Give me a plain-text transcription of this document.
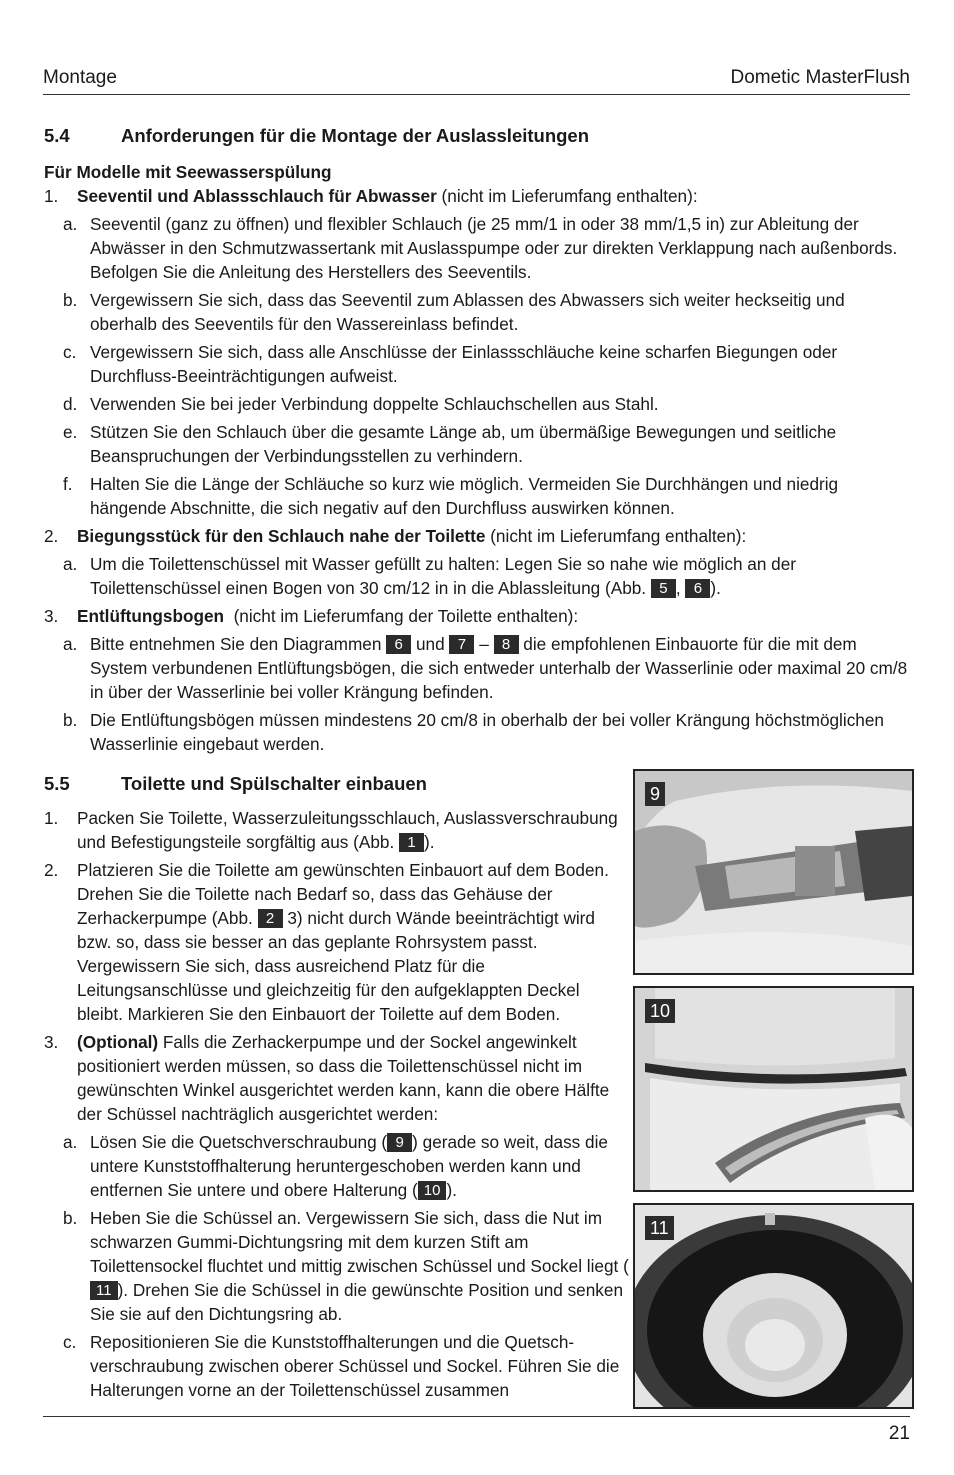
Montage	Dometic MasterFlush
5.4	Anforderungen für die Montage der Auslassleitungen
Für Modelle mit Seewasserspülung
1.	Seeventil und Ablassschlauch für Abwasser (nicht im Lieferumfang enthalten):
a. Seeventil (ganz zu öffnen) und flexibler Schlauch (je 25 mm/1 in oder 38 mm/1,5 in) zur Ableitung der Abwässer in den Schmutzwassertank mit Auslasspumpe oder zur direkten Verklappung nach außenbords. Befolgen Sie die Anleitung des Herstellers des Seeventils.
b. Vergewissern Sie sich, dass das Seeventil zum Ablassen des Abwassers sich weiter heckseitig und oberhalb des Seeventils für den Wassereinlass befindet.
c. Vergewissern Sie sich, dass alle Anschlüsse der Einlassschläuche keine scharfen Biegungen oder Durchfluss-Beeinträchtigungen aufweist.
d. Verwenden Sie bei jeder Verbindung doppelte Schlauchschellen aus Stahl.
e. Stützen Sie den Schlauch über die gesamte Länge ab, um übermäßige Bewegungen und seitliche Beanspruchungen der Verbindungsstellen zu verhindern.
f.	Halten Sie die Länge der Schläuche so kurz wie möglich. Vermeiden Sie Durchhängen und niedrig hängende Abschnitte, die sich negativ auf den Durchfluss auswirken können.
2.	Biegungsstück für den Schlauch nahe der Toilette (nicht im Lieferumfang enthalten):
a. Um die Toilettenschüssel mit Wasser gefüllt zu halten: Legen Sie so nahe wie möglich an der Toilettenschüssel einen Bogen von 30 cm/12 in in die Ablassleitung (Abb. 5 , 6 ).
3.	Entlüftungsbogen  (nicht im Lieferumfang der Toilette enthalten):
a. Bitte entnehmen Sie den Diagrammen 6 und 7 – 8 die empfohlenen Einbauorte für die mit dem System verbundenen Entlüftungsbögen, die sich entweder unterhalb der Wasserlinie oder maximal 20 cm/8 in über der Wasserlinie bei voller Krängung befinden.
b. Die Entlüftungsbögen müssen mindestens 20 cm/8 in oberhalb der bei voller Krängung höchstmöglichen Wasserlinie eingebaut werden.
5.5	Toilette und Spülschalter einbauen
1.	Packen Sie Toilette, Wasserzuleitungsschlauch, Auslassverschraubung und Befestigungsteile sorgfältig aus (Abb. 1 ).
2.	Platzieren Sie die Toilette am gewünschten Einbauort auf dem Boden. Drehen Sie die Toilette nach Bedarf so, dass das Gehäuse der Zerhackerpumpe (Abb. 2 3) nicht durch Wände beeinträchtigt wird bzw. so, dass sie besser an das geplante Rohrsystem passt. Vergewissern Sie sich, dass ausreichend Platz für die Leitungsanschlüsse und gleichzeitig für den aufgeklappten Deckel bleibt. Markieren Sie den Einbauort der Toilette auf dem Boden.
3.	(Optional) Falls die Zerhackerpumpe und der Sockel angewinkelt positioniert werden müssen, so dass die Toilettenschüssel nicht im gewünschten Winkel ausgerichtet werden kann, kann die obere Hälfte der Schüssel nachträglich ausgerichtet werden:
a. Lösen Sie die Quetschverschraubung ( 9 ) gerade so weit, dass die untere Kunststoffhalterung heruntergeschoben werden kann und entfernen Sie untere und obere Halterung ( 10 ).
b. Heben Sie die Schüssel an. Vergewissern Sie sich, dass die Nut im schwarzen Gummi-Dichtungsring mit dem kurzen Stift am Toilettensockel fluchtet und mittig zwischen Schüssel und Sockel liegt (11 ). Drehen Sie die Schüssel in die gewünschte Position und senken Sie sie auf den Dichtungsring ab.
c. Repositionieren Sie die Kunststoffhalterungen und die Quetschverschraubung zwischen oberer Schüssel und Sockel. Führen Sie die Halterungen vorne an der Toilettenschüssel zusammen
9
10
11
21
